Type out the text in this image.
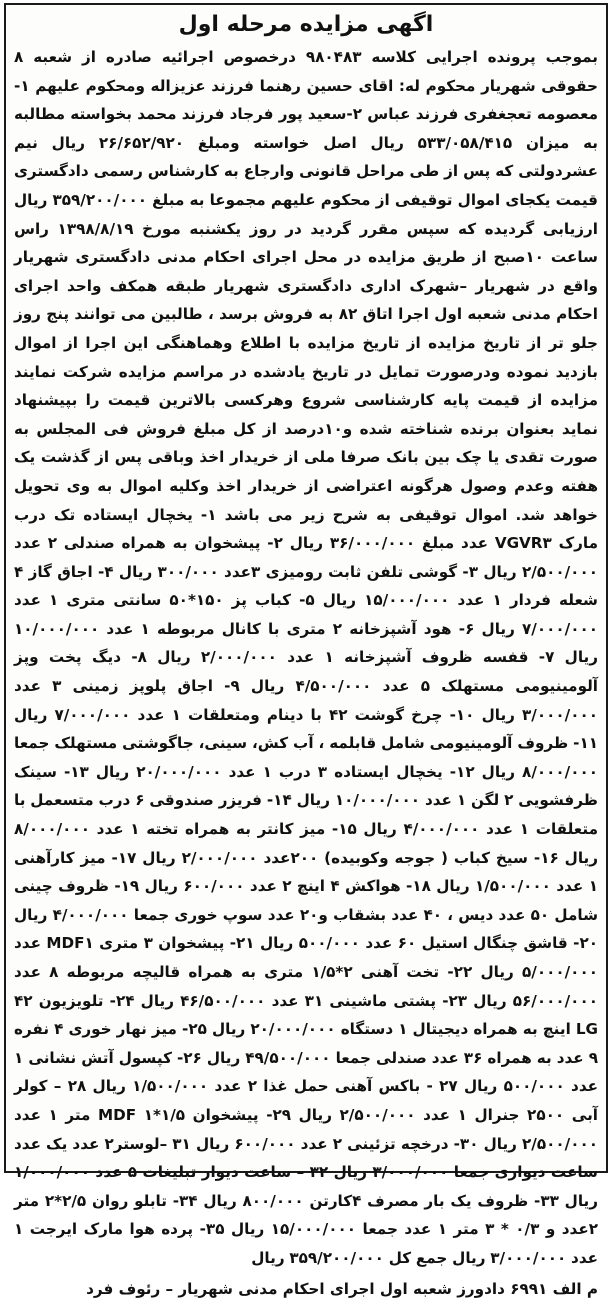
اگهی مزایده مرحله اول

بموجب پرونده اجرایی کلاسه ۹۸۰۴۸۳ درخصوص اجرائیه صادره از شعبه ۸ حقوقی شهریار محکوم له: اقای حسین رهنما فرزند عزیزاله ومحکوم علیهم ۱-معصومه تعجغفری فرزند عباس ۲-سعید پور فرجاد فرزند محمد بخواسته مطالبه به میزان ۵۳۳/۰۵۸/۴۱۵ ریال اصل خواسته ومبلغ ۲۶/۶۵۲/۹۲۰ ریال نیم عشردولتی که پس از طی مراحل قانونی وارجاع به کارشناس رسمی دادگستری قیمت یکجای اموال توقیفی از محکوم علیهم مجموعا به مبلغ ۳۵۹/۲۰۰/۰۰۰ ریال ارزیابی گردیده که سپس مقرر گردید در روز یکشنبه مورخ ۱۳۹۸/۸/۱۹ راس ساعت ۱۰صبح از طریق مزایده در محل اجرای احکام مدنی دادگستری شهریار واقع در شهریار –شهرک اداری دادگستری شهریار طبقه همکف واحد اجرای احکام مدنی شعبه اول اجرا اتاق ۸۲ به فروش برسد ، طالبین می توانند پنج روز جلو تر از تاریخ مزایده از تاریخ مزایده با اطلاع وهماهنگی این اجرا از اموال بازدید نموده ودرصورت تمایل در تاریخ یادشده در مراسم مزایده شرکت نمایند مزایده از قیمت پایه کارشناسی شروع وهرکسی بالاترین قیمت را بپیشنهاد نماید بعنوان برنده شناخته شده و۱۰درصد از کل مبلغ فروش فی المجلس به صورت تقدی یا چک بین بانک صرفا ملی از خریدار اخذ وباقی پس از گذشت یک هفته وعدم وصول هرگونه اعتراضی از خریدار اخذ وکلیه اموال به وی تحویل خواهد شد. اموال توقیفی به شرح زیر می باشد ۱- یخچال ایستاده تک درب مارک VGVR۳ عدد مبلغ ۳۶/۰۰۰/۰۰۰ ریال ۲- پیشخوان به همراه صندلی ۲ عدد ۲/۵۰۰/۰۰۰ ریال ۳- گوشی تلفن ثابت رومیزی ۳عدد ۳۰۰/۰۰۰ ریال ۴- اجاق گاز ۴ شعله فردار ۱ عدد ۱۵/۰۰۰/۰۰۰ ریال ۵- کباب پز ۱۵۰*۵۰ سانتی متری ۱ عدد ۷/۰۰۰/۰۰۰ ریال ۶- هود آشپزخانه ۲ متری با کانال مربوطه ۱ عدد ۱۰/۰۰۰/۰۰۰ ریال ۷- قفسه ظروف آشپزخانه ۱ عدد ۲/۰۰۰/۰۰۰ ریال ۸- دیگ پخت وپز آلومینیومی مستهلک ۵ عدد ۴/۵۰۰/۰۰۰ ریال ۹- اجاق پلوپز زمینی ۳ عدد ۳/۰۰۰/۰۰۰ ریال ۱۰- چرخ گوشت ۴۲ با دینام ومتعلقات ۱ عدد ۷/۰۰۰/۰۰۰ ریال ۱۱- ظروف آلومینیومی شامل قابلمه ، آب کش، سینی، جاگوشتی مستهلک جمعا ۸/۰۰۰/۰۰۰ ریال ۱۲- یخچال ایستاده ۳ درب ۱ عدد ۲۰/۰۰۰/۰۰۰ ریال ۱۳- سینک ظرفشویی ۲ لگن ۱ عدد ۱۰/۰۰۰/۰۰۰ ریال ۱۴- فریزر صندوقی ۶ درب متسعمل با متعلقات ۱ عدد ۴/۰۰۰/۰۰۰ ریال ۱۵- میز کانتر به همراه تخته ۱ عدد ۸/۰۰۰/۰۰۰ ریال ۱۶- سیخ کباب ( جوجه وکوبیده) ۲۰۰عدد ۲/۰۰۰/۰۰۰ ریال ۱۷- میز کارآهنی ۱ عدد ۱/۵۰۰/۰۰۰ ریال ۱۸- هواکش ۴ اینچ ۲ عدد ۶۰۰/۰۰۰ ریال ۱۹- ظروف چینی شامل ۵۰ عدد دیس ، ۴۰ عدد بشقاب و۲۰ عدد سوپ خوری جمعا ۴/۰۰۰/۰۰۰ ریال ۲۰- قاشق چنگال استیل ۶۰ عدد ۵۰۰/۰۰۰ ریال ۲۱- پیشخوان ۳ متری MDF۱ عدد ۵/۰۰۰/۰۰۰ ریال ۲۲- تخت آهنی ۲*۱/۵ متری به همراه قالیچه مربوطه ۸ عدد ۵۶/۰۰۰/۰۰۰ ریال ۲۳- پشتی ماشینی ۳۱ عدد ۴۶/۵۰۰/۰۰۰ ریال ۲۴- تلویزیون ۴۲ LG اینچ به همراه دیجیتال ۱ دستگاه ۲۰/۰۰۰/۰۰۰ ریال ۲۵- میز نهار خوری ۴ نفره ۹ عدد به همراه ۳۶ عدد صندلی جمعا ۴۹/۵۰۰/۰۰۰ ریال ۲۶- کپسول آتش نشانی ۱ عدد ۵۰۰/۰۰۰ ریال ۲۷ - باکس آهنی حمل غذا ۲ عدد ۱/۵۰۰/۰۰۰ ریال ۲۸ – کولر آبی ۲۵۰۰ جنرال ۱ عدد ۲/۵۰۰/۰۰۰ ریال ۲۹- پیشخوان ۱/۵*۱ MDF متر ۱ عدد ۲/۵۰۰/۰۰۰ ریال ۳۰- درخچه تزئینی ۲ عدد ۶۰۰/۰۰۰ ریال ۳۱ –لوستر۲ عدد یک عدد ساعت دیواری جمعا ۳/۰۰۰/۰۰۰ ریال ۳۲ – ساعت دیوار تبلیغات ۵ عدد ۱/۰۰۰/۰۰۰ ریال ۳۳- ظروف یک بار مصرف ۴کارتن ۸۰۰/۰۰۰ ریال ۳۴- تابلو روان ۲/۵*۲ متر ۲عدد و ۰/۳ * ۳ متر ۱ عدد جمعا ۱۵/۰۰۰/۰۰۰ ریال ۳۵- پرده هوا مارک ایرجت ۱ عدد ۳/۰۰۰/۰۰۰ ریال جمع کل ۳۵۹/۲۰۰/۰۰۰ ریال

م الف ۶۹۹۱ دادورز شعبه اول اجرای احکام مدنی شهریار – رئوف فرد
